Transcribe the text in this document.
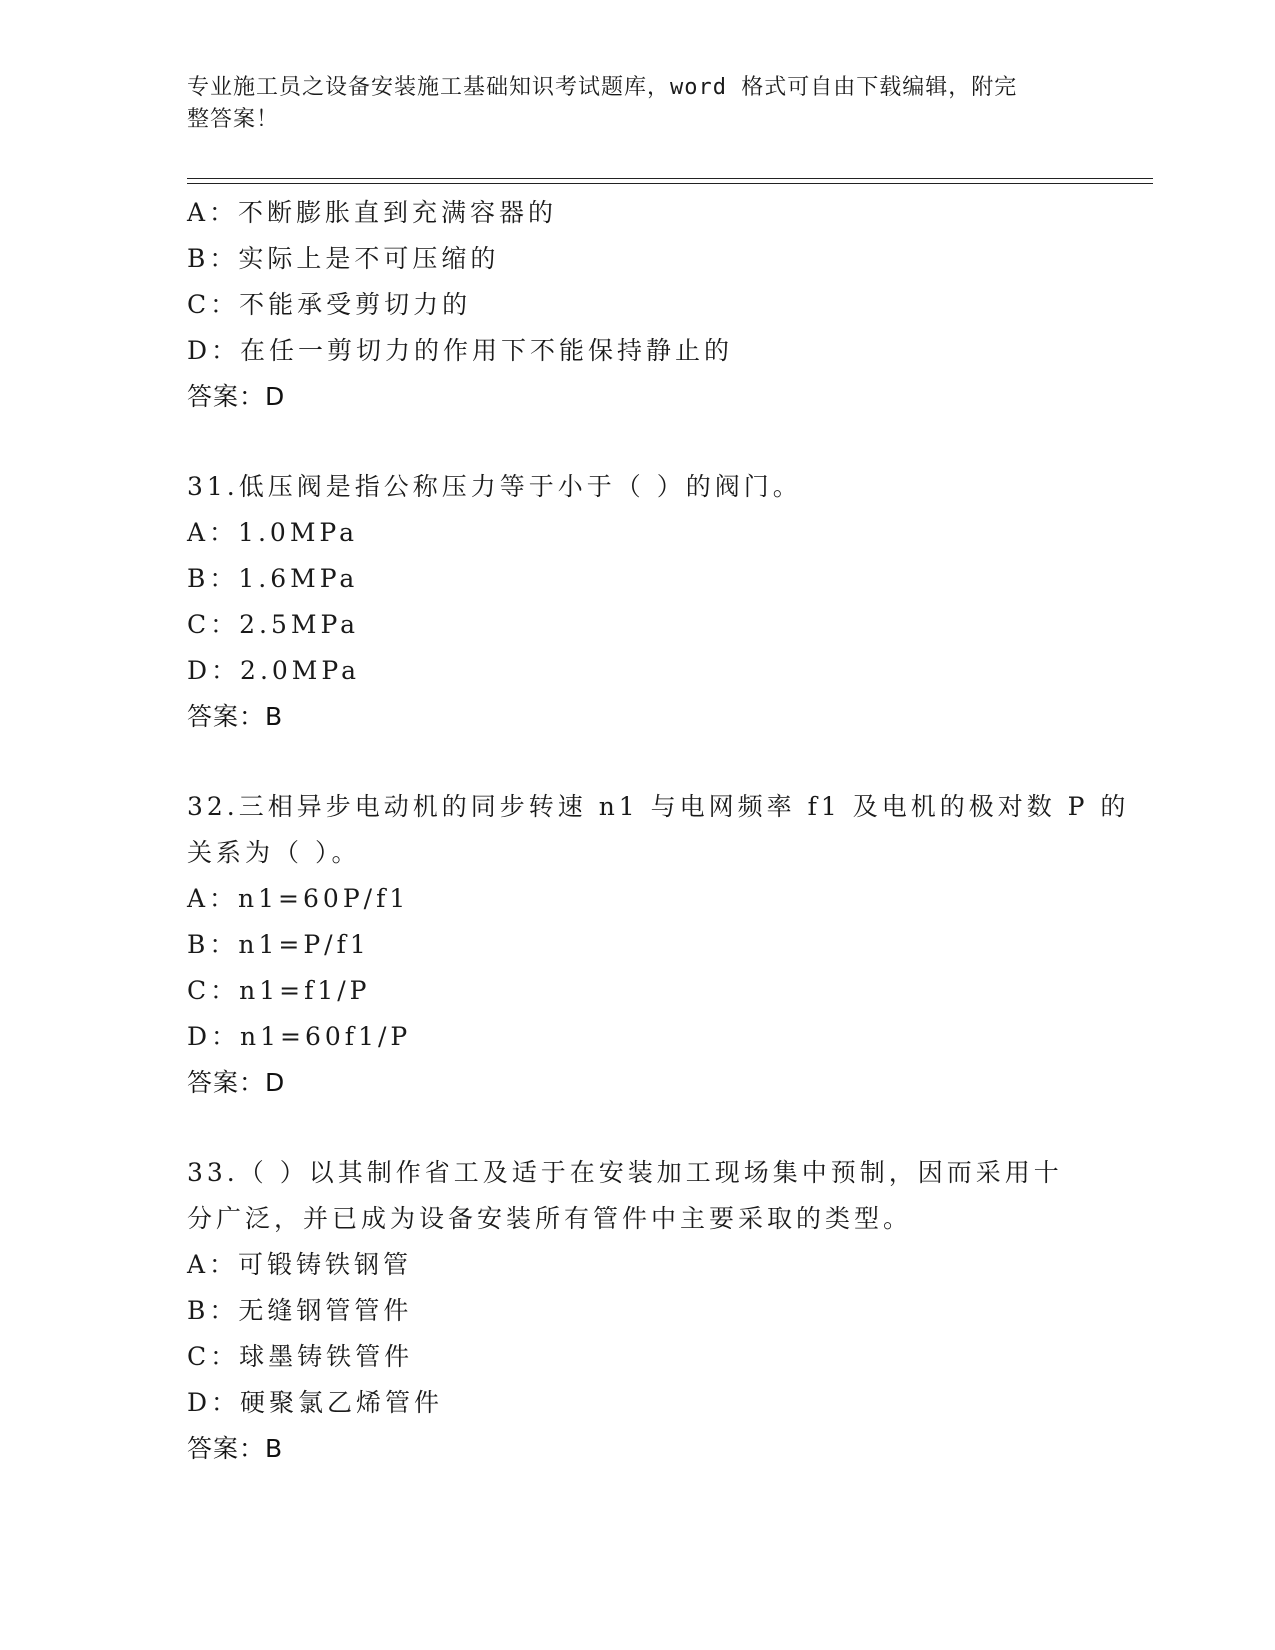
专业施工员之设备安装施工基础知识考试题库，word 格式可自由下载编辑，附完
整答案！
A：不断膨胀直到充满容器的
B：实际上是不可压缩的
C：不能承受剪切力的
D：在任一剪切力的作用下不能保持静止的
答案：D
31.低压阀是指公称压力等于小于（ ）的阀门。
A：1.0MPa
B：1.6MPa
C：2.5MPa
D：2.0MPa
答案：B
32.三相异步电动机的同步转速 n1 与电网频率 f1 及电机的极对数 P 的
关系为（ ）。
A：n1=60P/f1
B：n1=P/f1
C：n1=f1/P
D：n1=60f1/P
答案：D
33.（ ）以其制作省工及适于在安装加工现场集中预制，因而采用十
分广泛，并已成为设备安装所有管件中主要采取的类型。
A：可锻铸铁钢管
B：无缝钢管管件
C：球墨铸铁管件
D：硬聚氯乙烯管件
答案：B
